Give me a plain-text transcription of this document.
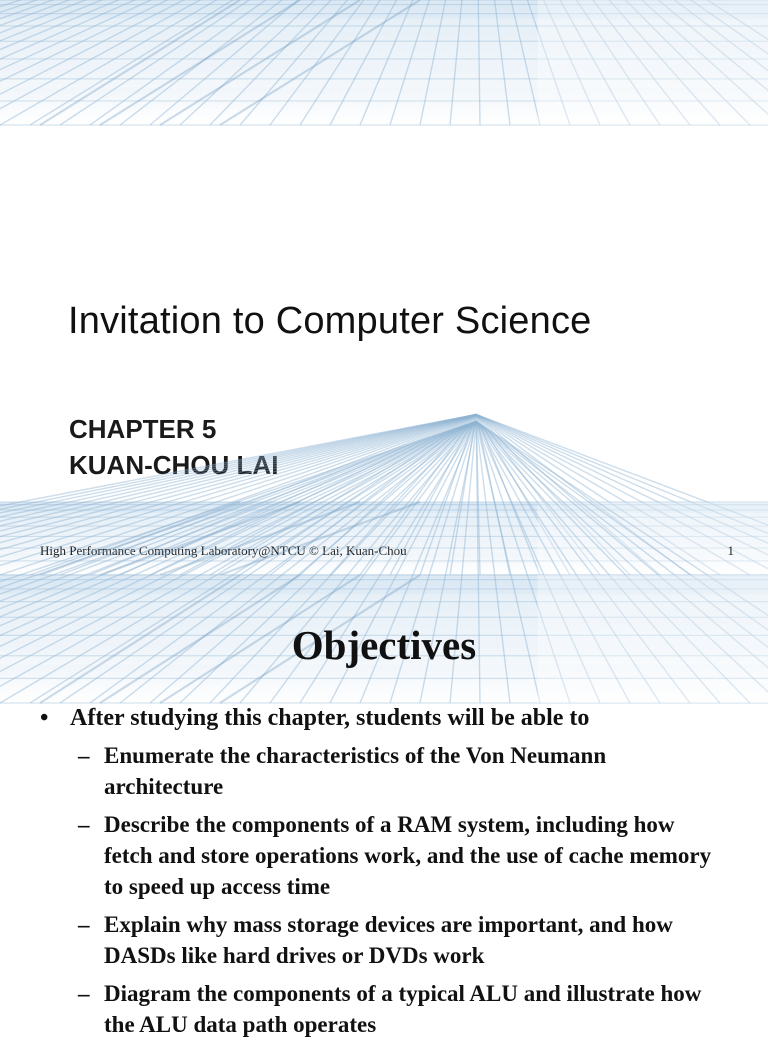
Invitation to Computer Science
CHAPTER 5
KUAN-CHOU LAI
High Performance Computing Laboratory@NTCU © Lai, Kuan-Chou	1
Objectives
• After studying this chapter, students will be able to
– Enumerate the characteristics of the Von Neumann architecture
– Describe the components of a RAM system, including how fetch and store operations work, and the use of cache memory to speed up access time
– Explain why mass storage devices are important, and how DASDs like hard drives or DVDs work
– Diagram the components of a typical ALU and illustrate how the ALU data path operates
